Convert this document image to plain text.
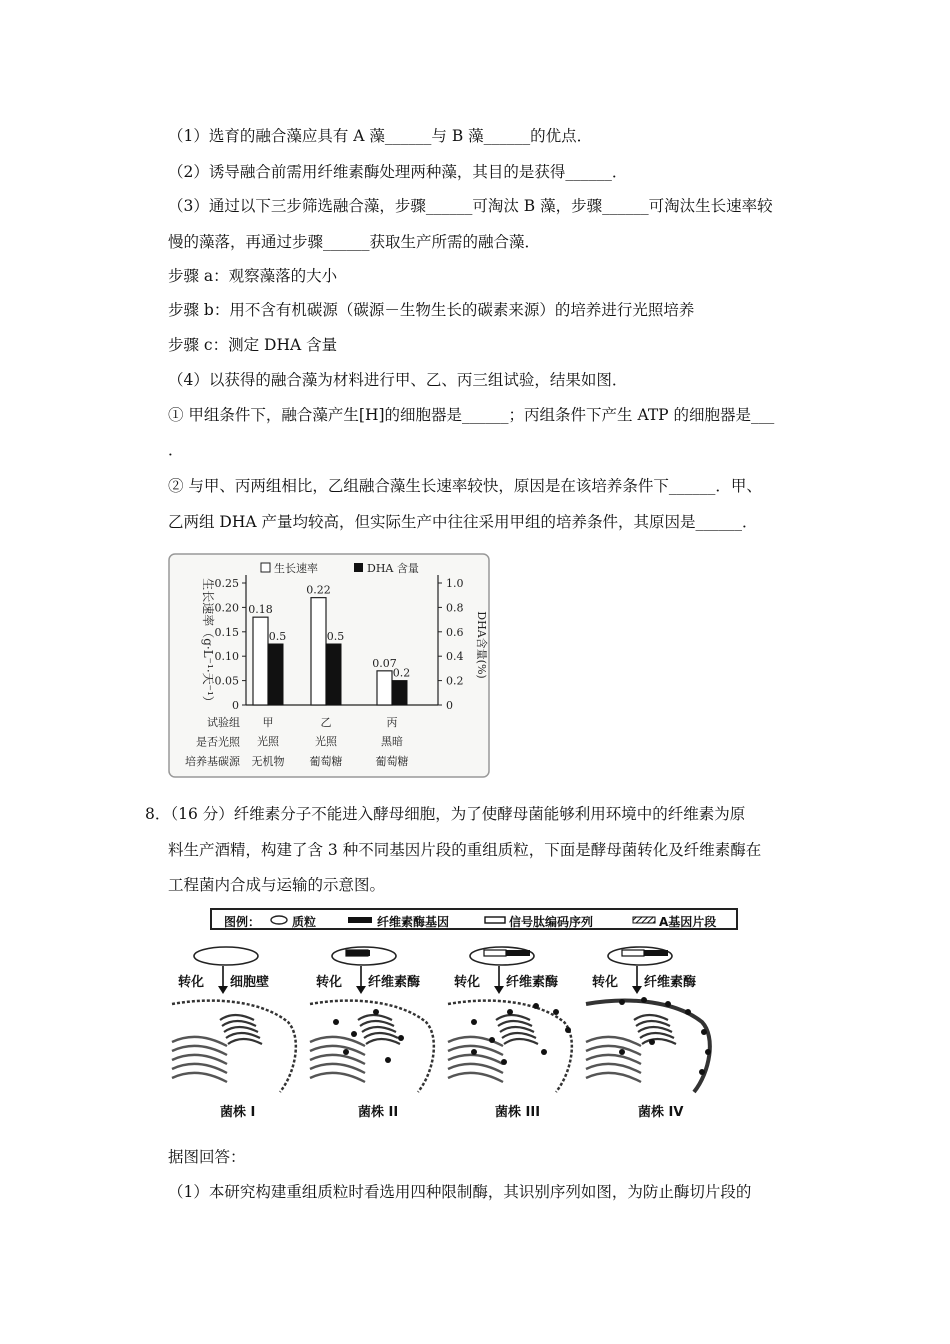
（1）选育的融合藻应具有 A 藻______与 B 藻______的优点．
（2）诱导融合前需用纤维素酶处理两种藻，其目的是获得______．
（3）通过以下三步筛选融合藻，步骤______可淘汰 B 藻，步骤______可淘汰生长速率较
慢的藻落，再通过步骤______获取生产所需的融合藻．
步骤 a：观察藻落的大小
步骤 b：用不含有机碳源（碳源－生物生长的碳素来源）的培养进行光照培养
步骤 c：测定 DHA 含量
（4）以获得的融合藻为材料进行甲、乙、丙三组试验，结果如图．
① 甲组条件下，融合藻产生[H]的细胞器是______；丙组条件下产生 ATP 的细胞器是___
．
② 与甲、丙两组相比，乙组融合藻生长速率较快，原因是在该培养条件下______．甲、
乙两组 DHA 产量均较高，但实际生产中往往采用甲组的培养条件，其原因是______．
0
0.05
0.10
0.15
0.20
0.25
0
0.2
0.4
0.6
0.8
1.0
生长速率（g·L⁻¹·天⁻¹）	DHA含量(%)
生长速率	DHA 含量
0.18
0.5
甲
光照
无机物
0.22
0.5
乙
光照
葡萄糖
0.07
0.2
丙
黑暗
葡萄糖
试验组
是否光照
培养基碳源
8．（16 分）纤维素分子不能进入酵母细胞，为了使酵母菌能够利用环境中的纤维素为原
料生产酒精，构建了含 3 种不同基因片段的重组质粒，下面是酵母菌转化及纤维素酶在
工程菌内合成与运输的示意图。
图例：	质粒	纤维素酶基因	信号肽编码序列	A基因片段
转化 细胞壁	转化 纤维素酶	转化 纤维素酶	转化 纤维素酶
菌株 I	菌株 II	菌株 III	菌株 IV
据图回答：
（1）本研究构建重组质粒时看选用四种限制酶，其识别序列如图，为防止酶切片段的
